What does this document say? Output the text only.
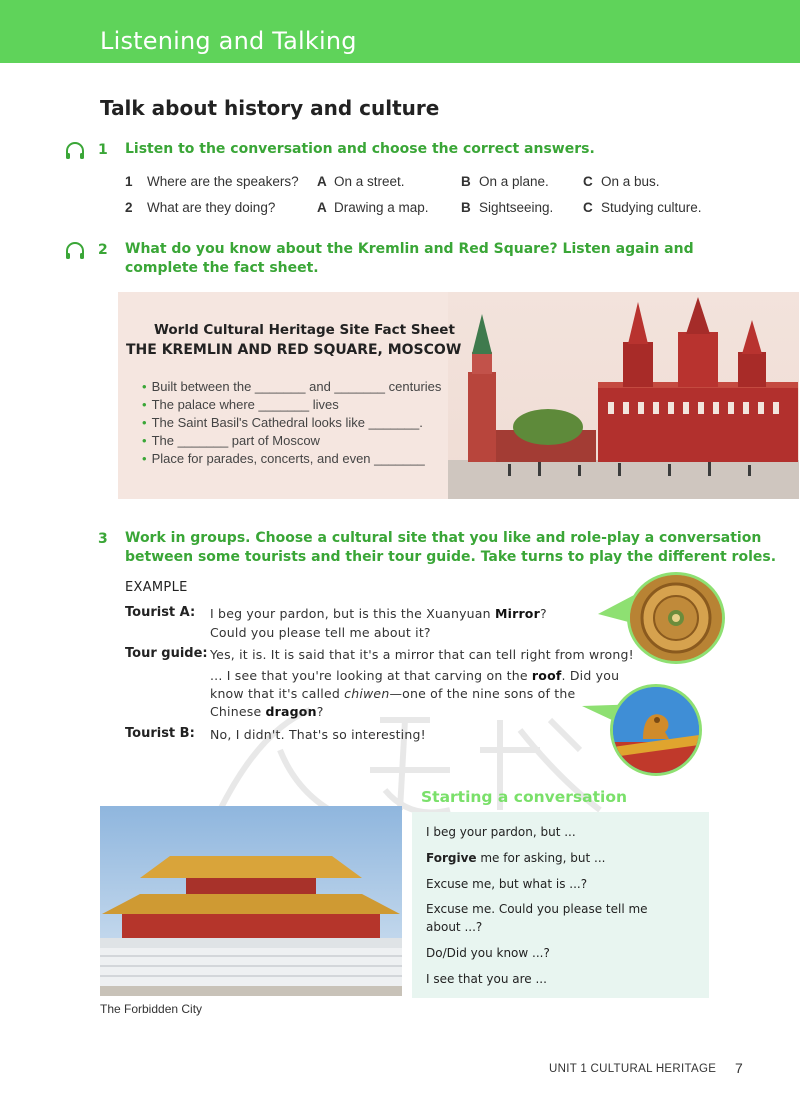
Listening and Talking
Talk about history and culture
1 Listen to the conversation and choose the correct answers.
1 Where are the speakers? A On a street.	B On a plane.	C On a bus.
2 What are they doing?	A Drawing a map. B Sightseeing. C Studying culture.
2 What do you know about the Kremlin and Red Square? Listen again and
complete the fact sheet.
World Cultural Heritage Site Fact Sheet
THE KREMLIN AND RED SQUARE, MOSCOW
• Built between the _______ and _______ centuries
• The palace where _______ lives
• The Saint Basil's Cathedral looks like _______.
• The _______ part of Moscow
• Place for parades, concerts, and even _______
3 Work in groups. Choose a cultural site that you like and role-play a conversation
between some tourists and their tour guide. Take turns to play the different roles.
EXAMPLE
Tourist A: I beg your pardon, but is this the Xuanyuan Mirror?
Could you please tell me about it?
Tour guide: Yes, it is. It is said that it's a mirror that can tell right from wrong!
... I see that you're looking at that carving on the roof. Did you
know that it's called chiwen—one of the nine sons of the
Chinese dragon?
Tourist B: No, I didn't. That's so interesting!
Starting a conversation
I beg your pardon, but ...
Forgive me for asking, but ...
Excuse me, but what is ...?
Excuse me. Could you please tell me
about ...?
Do/Did you know ...?
I see that you are ...
The Forbidden City
UNIT 1 CULTURAL HERITAGE 7
